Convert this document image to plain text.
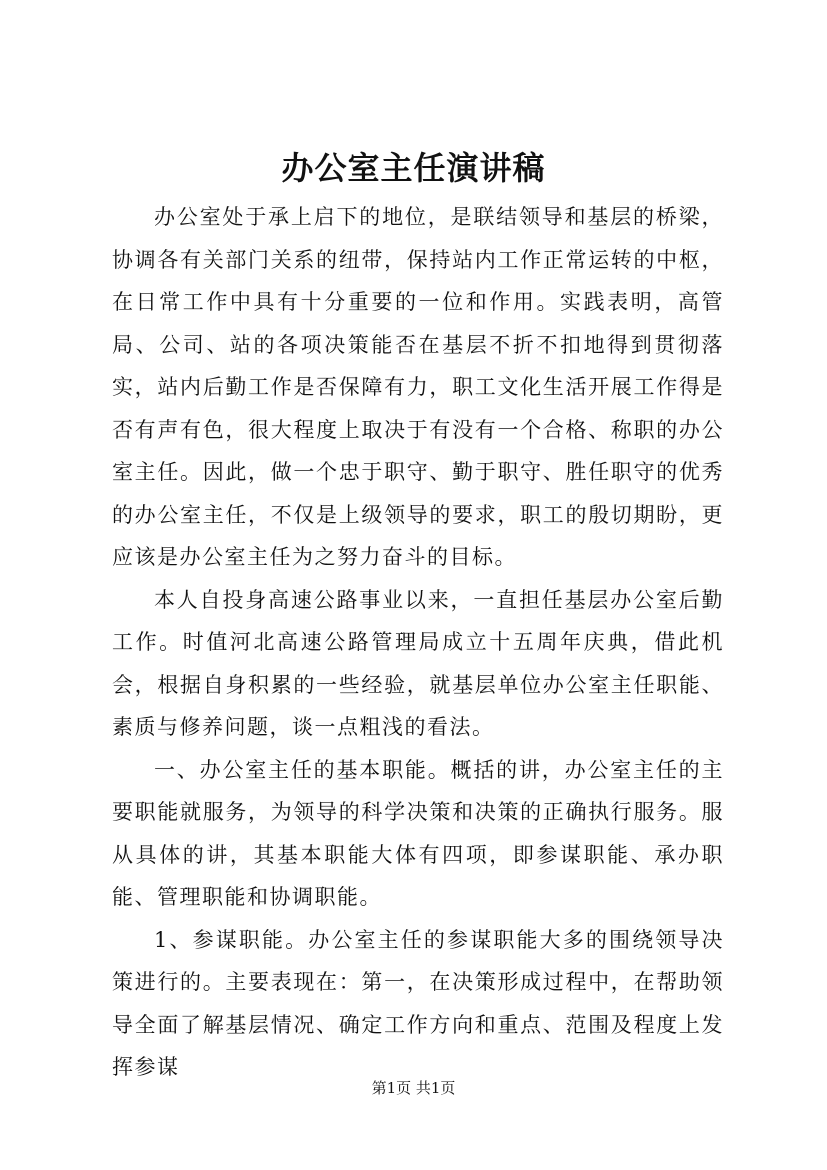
办公室主任演讲稿

办公室处于承上启下的地位，是联结领导和基层的桥梁，协调各有关部门关系的纽带，保持站内工作正常运转的中枢，在日常工作中具有十分重要的一位和作用。实践表明，高管局、公司、站的各项决策能否在基层不折不扣地得到贯彻落实，站内后勤工作是否保障有力，职工文化生活开展工作得是否有声有色，很大程度上取决于有没有一个合格、称职的办公室主任。因此，做一个忠于职守、勤于职守、胜任职守的优秀的办公室主任，不仅是上级领导的要求，职工的殷切期盼，更应该是办公室主任为之努力奋斗的目标。

本人自投身高速公路事业以来，一直担任基层办公室后勤工作。时值河北高速公路管理局成立十五周年庆典，借此机会，根据自身积累的一些经验，就基层单位办公室主任职能、素质与修养问题，谈一点粗浅的看法。

一、办公室主任的基本职能。概括的讲，办公室主任的主要职能就服务，为领导的科学决策和决策的正确执行服务。服从具体的讲，其基本职能大体有四项，即参谋职能、承办职能、管理职能和协调职能。

1、参谋职能。办公室主任的参谋职能大多的围绕领导决策进行的。主要表现在：第一，在决策形成过程中，在帮助领导全面了解基层情况、确定工作方向和重点、范围及程度上发挥参谋

第1页 共1页
